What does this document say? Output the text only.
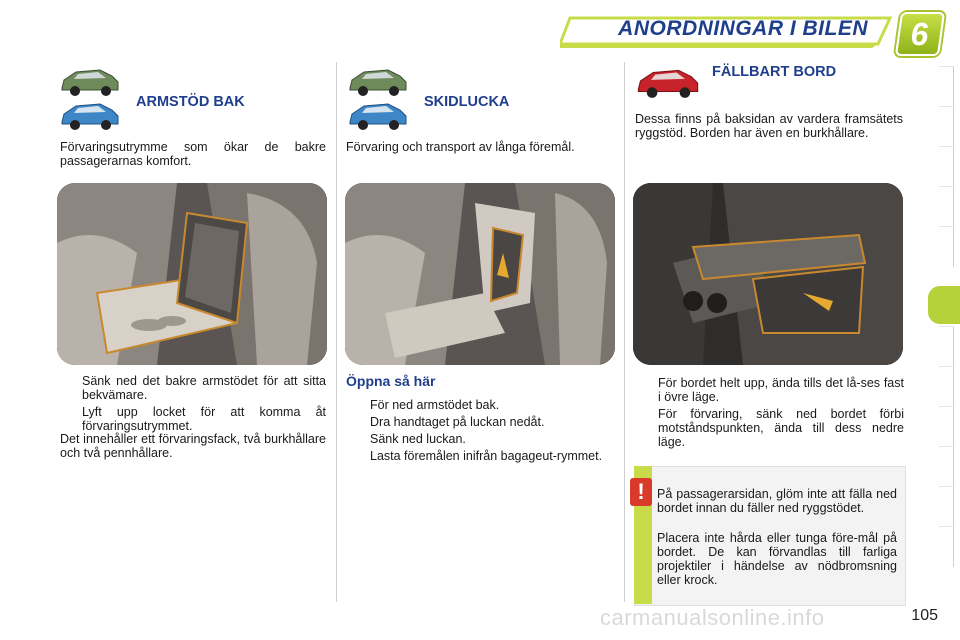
ANORDNINGAR I BILEN	6
ARMSTÖD BAK
Förvaringsutrymme som ökar de bakre passagerarnas komfort.
Sänk ned det bakre armstödet för att sitta bekvämare.
Lyft upp locket för att komma åt förvaringsutrymmet.
Det innehåller ett förvaringsfack, två burkhållare och två pennhållare.
SKIDLUCKA
Förvaring och transport av långa föremål.
Öppna så här
För ned armstödet bak.
Dra handtaget på luckan nedåt.
Sänk ned luckan.
Lasta föremålen inifrån bagageut-rymmet.
FÄLLBART BORD
Dessa finns på baksidan av vardera framsätets ryggstöd. Borden har även en burkhållare.
För bordet helt upp, ända tills det lå-ses fast i övre läge.
För förvaring, sänk ned bordet förbi motståndspunkten, ända till dess nedre läge.
! På passagerarsidan, glöm inte att fälla ned bordet innan du fäller ned ryggstödet.
Placera inte hårda eller tunga före-mål på bordet. De kan förvandlas till farliga projektiler i händelse av nödbromsning eller krock.
carmanualsonline.info	105
